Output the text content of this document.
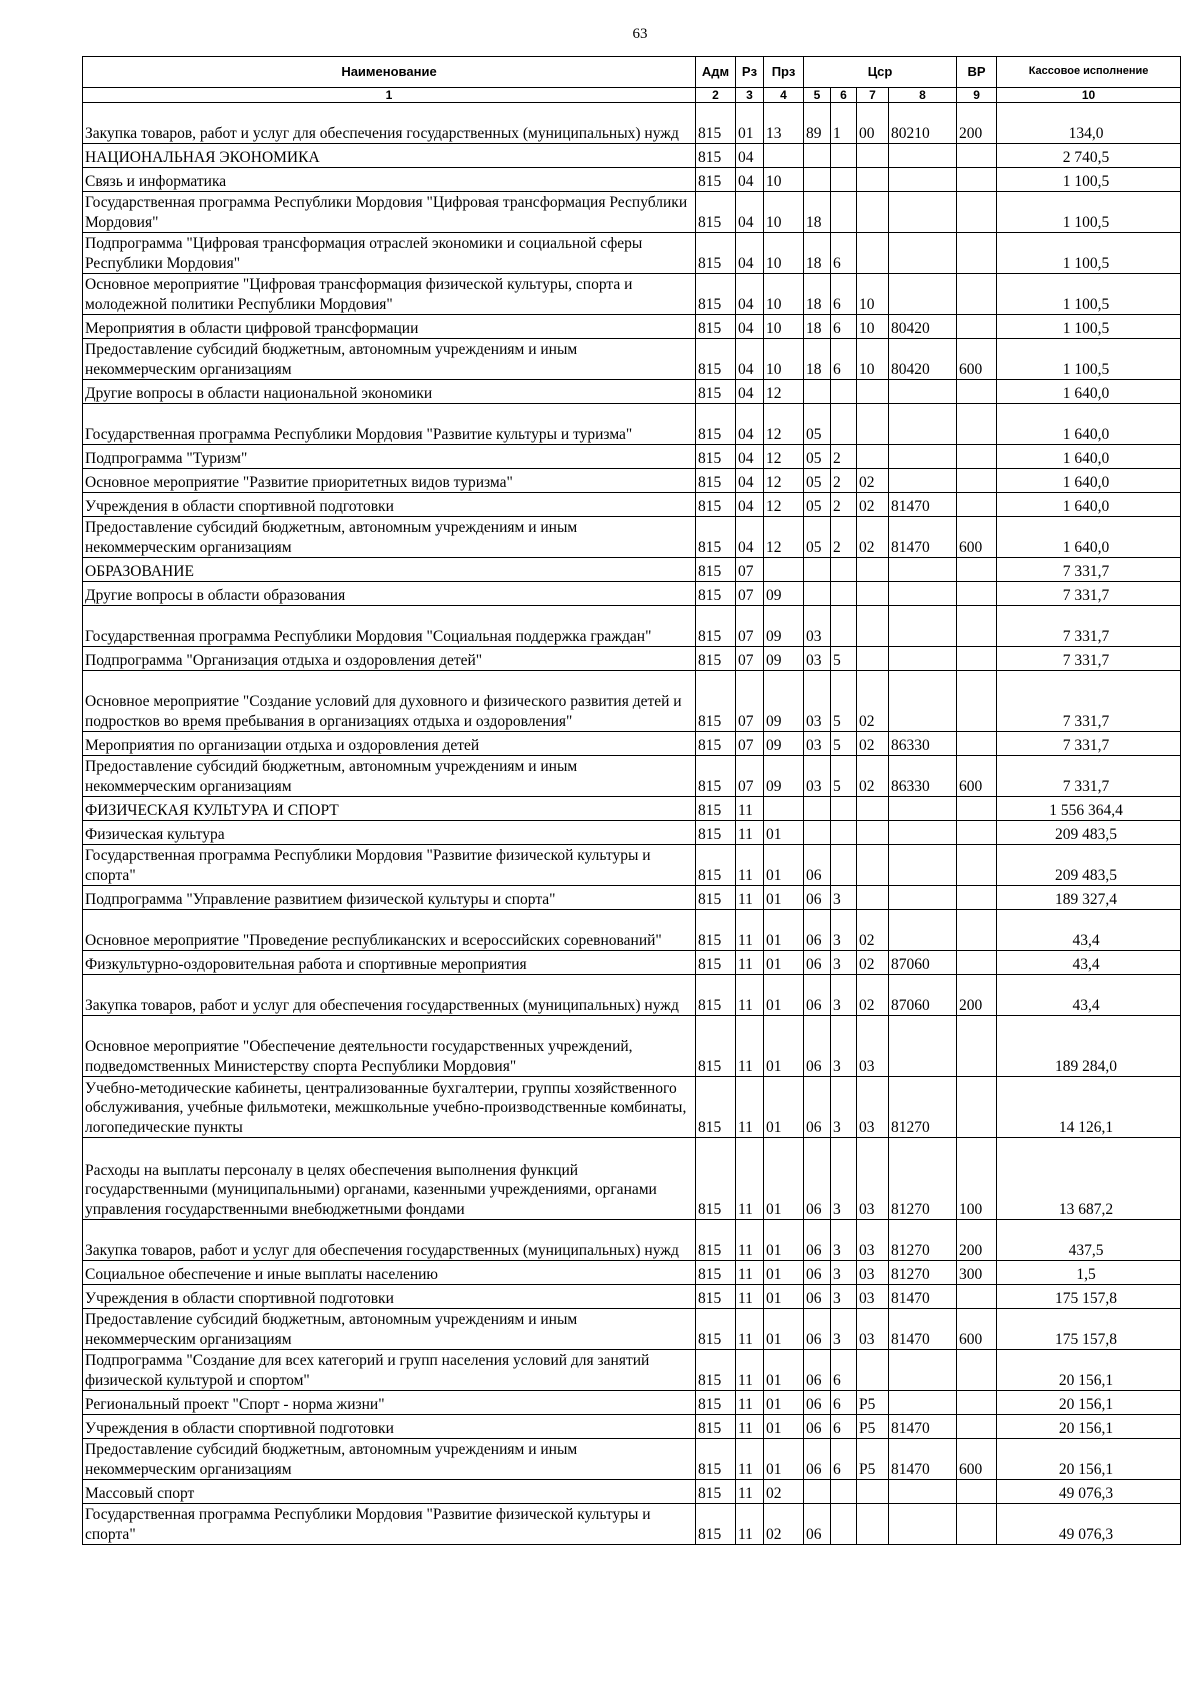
63
Наименование	Адм	Рз	Прз	Цср				ВР	Кассовое исполнение
1	2	3	4	5	6	7	8	9	10
Закупка товаров, работ и услуг для обеспечения государственных (муниципальных) нужд	815	01	13	89	1	00	80210	200	134,0
НАЦИОНАЛЬНАЯ ЭКОНОМИКА	815	04							2 740,5
Связь и информатика	815	04	10						1 100,5
Государственная программа Республики Мордовия "Цифровая трансформация Республики Мордовия"	815	04	10	18					1 100,5
Подпрограмма "Цифровая трансформация отраслей экономики и социальной сферы Республики Мордовия"	815	04	10	18	6				1 100,5
Основное мероприятие "Цифровая трансформация физической культуры, спорта и молодежной политики Республики Мордовия"	815	04	10	18	6	10			1 100,5
Мероприятия в области цифровой трансформации	815	04	10	18	6	10	80420		1 100,5
Предоставление субсидий бюджетным, автономным учреждениям и иным некоммерческим организациям	815	04	10	18	6	10	80420	600	1 100,5
Другие вопросы в области национальной экономики	815	04	12						1 640,0
Государственная программа Республики Мордовия "Развитие культуры и туризма"	815	04	12	05					1 640,0
Подпрограмма "Туризм"	815	04	12	05	2				1 640,0
Основное мероприятие "Развитие приоритетных видов туризма"	815	04	12	05	2	02			1 640,0
Учреждения в области спортивной подготовки	815	04	12	05	2	02	81470		1 640,0
Предоставление субсидий бюджетным, автономным учреждениям и иным некоммерческим организациям	815	04	12	05	2	02	81470	600	1 640,0
ОБРАЗОВАНИЕ	815	07							7 331,7
Другие вопросы в области образования	815	07	09						7 331,7
Государственная программа Республики Мордовия "Социальная поддержка граждан"	815	07	09	03					7 331,7
Подпрограмма "Организация отдыха и оздоровления детей"	815	07	09	03	5				7 331,7
Основное мероприятие "Создание условий для духовного и физического развития детей и подростков во время пребывания в организациях отдыха и оздоровления"	815	07	09	03	5	02			7 331,7
Мероприятия по организации отдыха и оздоровления детей	815	07	09	03	5	02	86330		7 331,7
Предоставление субсидий бюджетным, автономным учреждениям и иным некоммерческим организациям	815	07	09	03	5	02	86330	600	7 331,7
ФИЗИЧЕСКАЯ КУЛЬТУРА И СПОРТ	815	11							1 556 364,4
Физическая культура	815	11	01						209 483,5
Государственная программа Республики Мордовия "Развитие физической культуры и спорта"	815	11	01	06					209 483,5
Подпрограмма "Управление развитием физической культуры и спорта"	815	11	01	06	3				189 327,4
Основное мероприятие "Проведение республиканских и всероссийских соревнований"	815	11	01	06	3	02			43,4
Физкультурно-оздоровительная работа и спортивные мероприятия	815	11	01	06	3	02	87060		43,4
Закупка товаров, работ и услуг для обеспечения государственных (муниципальных) нужд	815	11	01	06	3	02	87060	200	43,4
Основное мероприятие "Обеспечение деятельности государственных учреждений, подведомственных Министерству спорта Республики Мордовия"	815	11	01	06	3	03			189 284,0
Учебно-методические кабинеты, централизованные бухгалтерии, группы хозяйственного обслуживания, учебные фильмотеки, межшкольные учебно-производственные комбинаты, логопедические пункты	815	11	01	06	3	03	81270		14 126,1
Расходы на выплаты персоналу в целях обеспечения выполнения функций государственными (муниципальными) органами, казенными учреждениями, органами управления государственными внебюджетными фондами	815	11	01	06	3	03	81270	100	13 687,2
Закупка товаров, работ и услуг для обеспечения государственных (муниципальных) нужд	815	11	01	06	3	03	81270	200	437,5
Социальное обеспечение и иные выплаты населению	815	11	01	06	3	03	81270	300	1,5
Учреждения в области спортивной подготовки	815	11	01	06	3	03	81470		175 157,8
Предоставление субсидий бюджетным, автономным учреждениям и иным некоммерческим организациям	815	11	01	06	3	03	81470	600	175 157,8
Подпрограмма "Создание для всех категорий и групп населения условий для занятий физической культурой и спортом"	815	11	01	06	6				20 156,1
Региональный проект "Спорт - норма жизни"	815	11	01	06	6	P5			20 156,1
Учреждения в области спортивной подготовки	815	11	01	06	6	P5	81470		20 156,1
Предоставление субсидий бюджетным, автономным учреждениям и иным некоммерческим организациям	815	11	01	06	6	P5	81470	600	20 156,1
Массовый спорт	815	11	02						49 076,3
Государственная программа Республики Мордовия "Развитие физической культуры и спорта"	815	11	02	06					49 076,3
